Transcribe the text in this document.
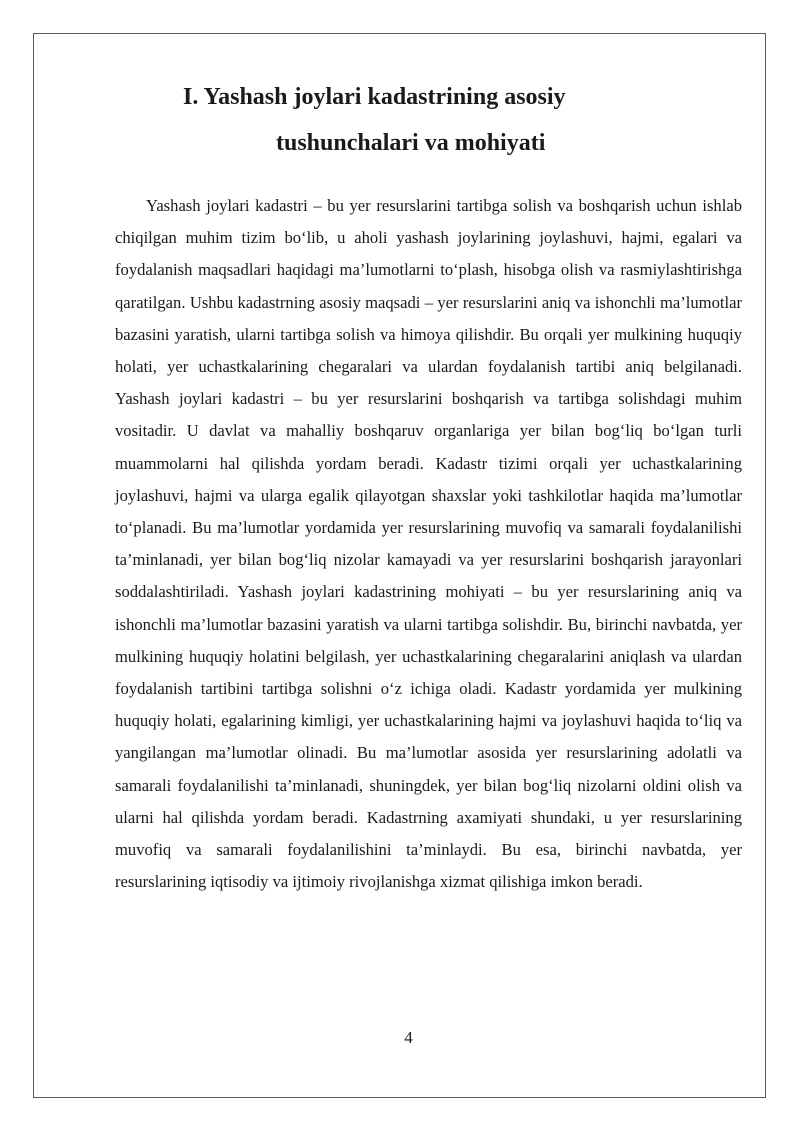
I. Yashash joylari kadastrining asosiy
tushunchalari va mohiyati

Yashash joylari kadastri – bu yer resurslarini tartibga solish va boshqarish uchun ishlab chiqilgan muhim tizim bo‘lib, u aholi yashash joylarining joylashuvi, hajmi, egalari va foydalanish maqsadlari haqidagi ma’lumotlarni to‘plash, hisobga olish va rasmiylashtirishga qaratilgan. Ushbu kadastrning asosiy maqsadi – yer resurslarini aniq va ishonchli ma’lumotlar bazasini yaratish, ularni tartibga solish va himoya qilishdir. Bu orqali yer mulkining huquqiy holati, yer uchastkalarining chegaralari va ulardan foydalanish tartibi aniq belgilanadi. Yashash joylari kadastri – bu yer resurslarini boshqarish va tartibga solishdagi muhim vositadir. U davlat va mahalliy boshqaruv organlariga yer bilan bog‘liq bo‘lgan turli muammolarni hal qilishda yordam beradi. Kadastr tizimi orqali yer uchastkalarining joylashuvi, hajmi va ularga egalik qilayotgan shaxslar yoki tashkilotlar haqida ma’lumotlar to‘planadi. Bu ma’lumotlar yordamida yer resurslarining muvofiq va samarali foydalanilishi ta’minlanadi, yer bilan bog‘liq nizolar kamayadi va yer resurslarini boshqarish jarayonlari soddalashtiriladi. Yashash joylari kadastrining mohiyati – bu yer resurslarining aniq va ishonchli ma’lumotlar bazasini yaratish va ularni tartibga solishdir. Bu, birinchi navbatda, yer mulkining huquqiy holatini belgilash, yer uchastkalarining chegaralarini aniqlash va ulardan foydalanish tartibini tartibga solishni o‘z ichiga oladi. Kadastr yordamida yer mulkining huquqiy holati, egalarining kimligi, yer uchastkalarining hajmi va joylashuvi haqida to‘liq va yangilangan ma’lumotlar olinadi. Bu ma’lumotlar asosida yer resurslarining adolatli va samarali foydalanilishi ta’minlanadi, shuningdek, yer bilan bog‘liq nizolarni oldini olish va ularni hal qilishda yordam beradi. Kadastrning axamiyati shundaki, u yer resurslarining muvofiq va samarali foydalanilishini ta’minlaydi. Bu esa, birinchi navbatda, yer resurslarining iqtisodiy va ijtimoiy rivojlanishga xizmat qilishiga imkon beradi.

4
